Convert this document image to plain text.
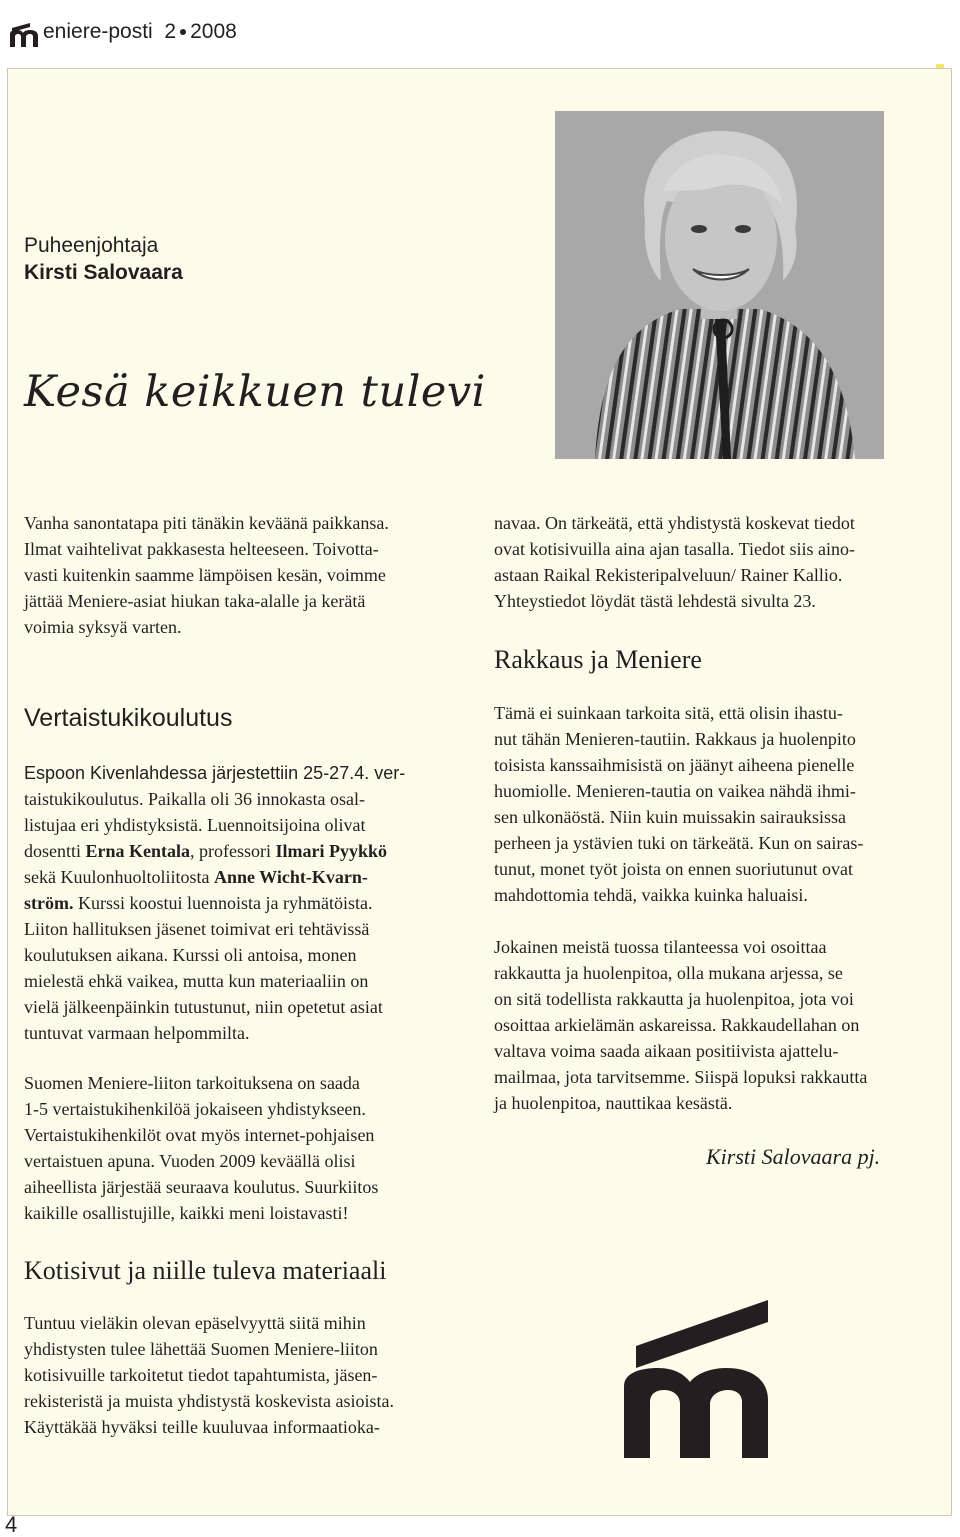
eniere-posti 2 2008
Puheenjohtaja
Kirsti Salovaara
Kesä keikkuen tulevi

Vanha sanontatapa piti tänäkin keväänä paikkansa.

Ilmat vaihtelivat pakkasesta helteeseen. Toivotta-

vasti kuitenkin saamme lämpöisen kesän, voimme

jättää Meniere-asiat hiukan taka-alalle ja kerätä

voimia syksyä varten.

Vertaistukikoulutus

Espoon Kivenlahdessa järjestettiin 25-27.4. ver-

taistukikoulutus. Paikalla oli 36 innokasta osal-

listujaa eri yhdistyksistä. Luennoitsijoina olivat

dosentti Erna Kentala, professori Ilmari Pyykkö

sekä Kuulonhuoltoliitosta Anne Wicht-Kvarn-

ström. Kurssi koostui luennoista ja ryhmätöista.

Liiton hallituksen jäsenet toimivat eri tehtävissä

koulutuksen aikana. Kurssi oli antoisa, monen

mielestä ehkä vaikea, mutta kun materiaaliin on

vielä jälkeenpäinkin tutustunut, niin opetetut asiat

tuntuvat varmaan helpommilta.

Suomen Meniere-liiton tarkoituksena on saada

1-5 vertaistukihenkilöä jokaiseen yhdistykseen.

Vertaistukihenkilöt ovat myös internet-pohjaisen

vertaistuen apuna. Vuoden 2009 keväällä olisi

aiheellista järjestää seuraava koulutus. Suurkiitos

kaikille osallistujille, kaikki meni loistavasti!

Kotisivut ja niille tuleva materiaali

Tuntuu vieläkin olevan epäselvyyttä siitä mihin

yhdistysten tulee lähettää Suomen Meniere-liiton

kotisivuille tarkoitetut tiedot tapahtumista, jäsen-

rekisteristä ja muista yhdistystä koskevista asioista.

Käyttäkää hyväksi teille kuuluvaa informaatioka-

navaa. On tärkeätä, että yhdistystä koskevat tiedot

ovat kotisivuilla aina ajan tasalla. Tiedot siis aino-

astaan Raikal Rekisteripalveluun/ Rainer Kallio.

Yhteystiedot löydät tästä lehdestä sivulta 23.

Rakkaus ja Meniere

Tämä ei suinkaan tarkoita sitä, että olisin ihastu-

nut tähän Menieren-tautiin. Rakkaus ja huolenpito

toisista kanssaihmisistä on jäänyt aiheena pienelle

huomiolle. Menieren-tautia on vaikea nähdä ihmi-

sen ulkonäöstä. Niin kuin muissakin sairauksissa

perheen ja ystävien tuki on tärkeätä. Kun on sairas-

tunut, monet työt joista on ennen suoriutunut ovat

mahdottomia tehdä, vaikka kuinka haluaisi.

Jokainen meistä tuossa tilanteessa voi osoittaa

rakkautta ja huolenpitoa, olla mukana arjessa, se

on sitä todellista rakkautta ja huolenpitoa, jota voi

osoittaa arkielämän askareissa. Rakkaudellahan on

valtava voima saada aikaan positiivista ajattelu-

mailmaa, jota tarvitsemme. Siispä lopuksi rakkautta

ja huolenpitoa, nauttikaa kesästä.

Kirsti Salovaara pj.
4
